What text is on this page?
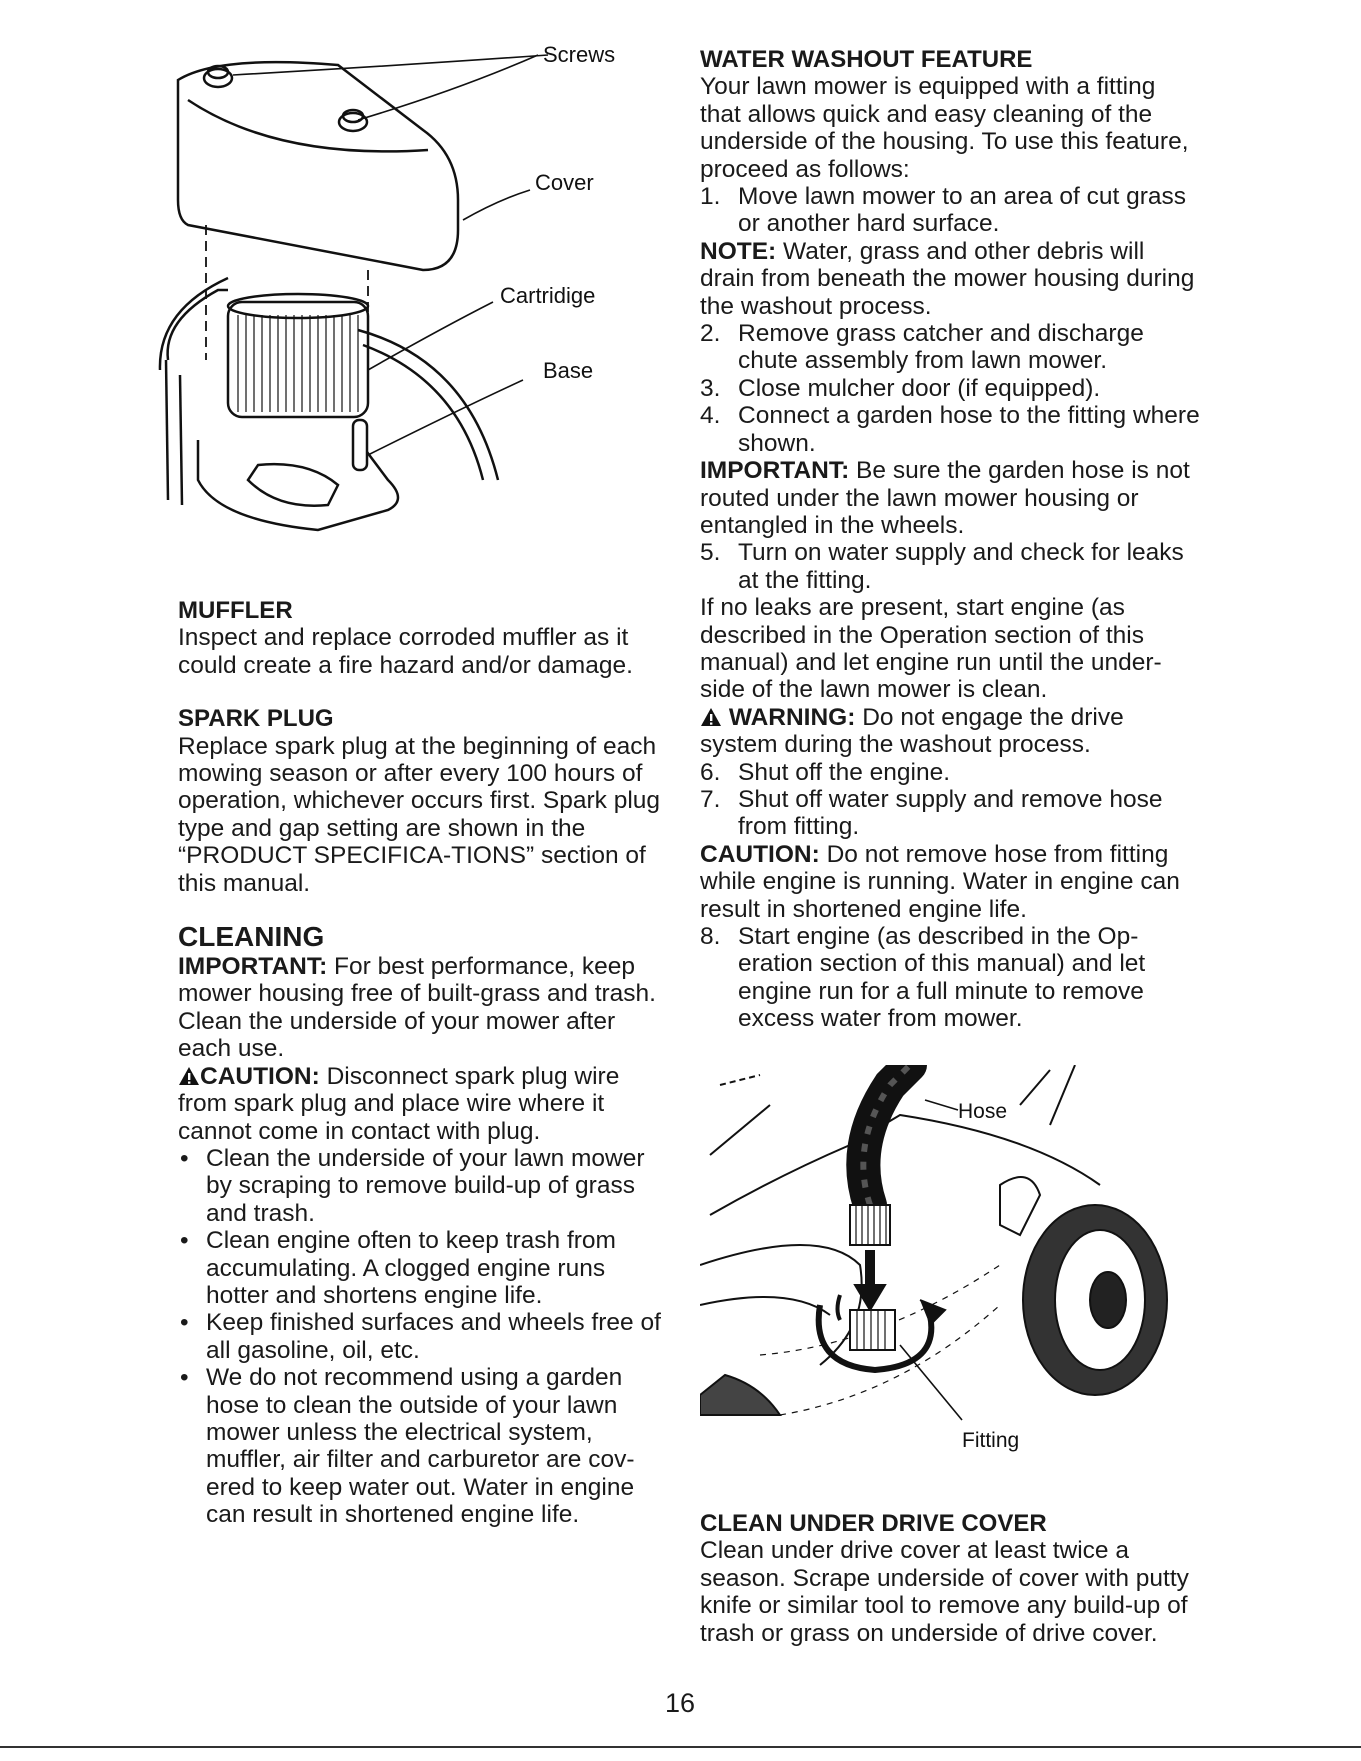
Screws
Cover
Cartridige
Base

MUFFLER

Inspect and replace corroded muffler as it could create a fire hazard and/or damage.

SPARK PLUG

Replace spark plug at the beginning of each mowing season or after every 100 hours of operation, whichever occurs first. Spark plug type and gap setting are shown in the “PRODUCT SPECIFICA-TIONS” section of this manual.

CLEANING

IMPORTANT: For best performance, keep mower housing free of built-grass and trash. Clean the underside of your mower after each use.

CAUTION: Disconnect spark plug wire from spark plug and place wire where it cannot come in contact with plug.

• Clean the underside of your lawn mower by scraping to remove build-up of grass and trash.
• Clean engine often to keep trash from accumulating. A clogged engine runs hotter and shortens engine life.
• Keep finished surfaces and wheels free of all gasoline, oil, etc.
• We do not recommend using a garden hose to clean the outside of your lawn mower unless the electrical system, muffler, air filter and carburetor are cov-ered to keep water out. Water in engine can result in shortened engine life.

WATER WASHOUT FEATURE

Your lawn mower is equipped with a fitting that allows quick and easy cleaning of the underside of the housing. To use this feature, proceed as follows:

1. Move lawn mower to an area of cut grass or another hard surface.

NOTE: Water, grass and other debris will drain from beneath the mower housing during the washout process.

2. Remove grass catcher and discharge chute assembly from lawn mower.
3. Close mulcher door (if equipped).
4. Connect a garden hose to the fitting where shown.

IMPORTANT: Be sure the garden hose is not routed under the lawn mower housing or entangled in the wheels.

5. Turn on water supply and check for leaks at the fitting.

If no leaks are present, start engine (as described in the Operation section of this manual) and let engine run until the under-side of the lawn mower is clean.

WARNING: Do not engage the drive system during the washout process.

6. Shut off the engine.
7. Shut off water supply and remove hose from fitting.

CAUTION: Do not remove hose from fitting while engine is running. Water in engine can result in shortened engine life.

8. Start engine (as described in the Op-eration section of this manual) and let engine run for a full minute to remove excess water from mower.
Hose
Fitting

CLEAN UNDER DRIVE COVER

Clean under drive cover at least twice a season. Scrape underside of cover with putty knife or similar tool to remove any build-up of trash or grass on underside of drive cover.

16
